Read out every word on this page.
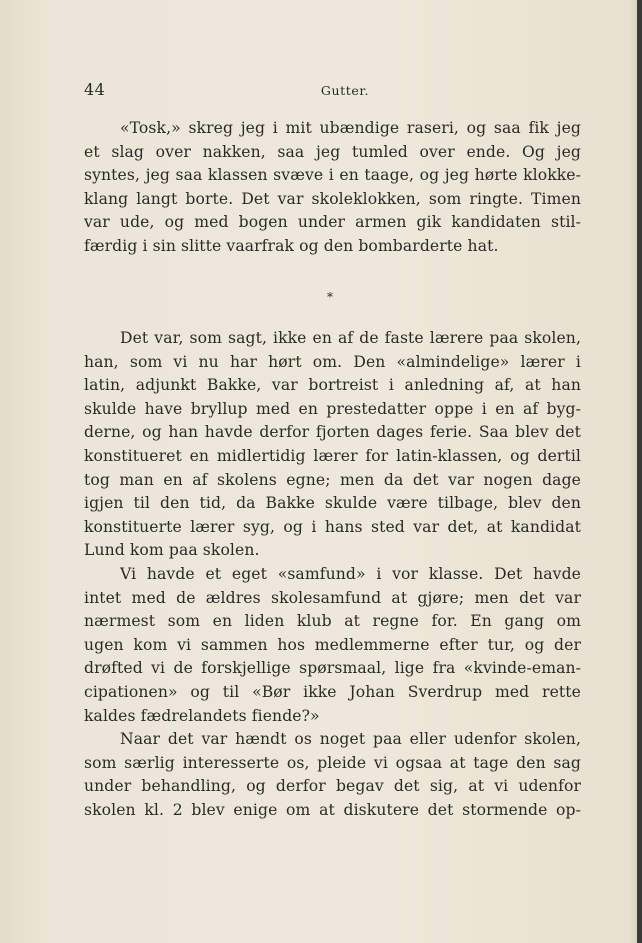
44	Gutter.

«Tosk,» skreg jeg i mit ubændige raseri, og saa fik jeg

et slag over nakken, saa jeg tumled over ende. Og jeg

syntes, jeg saa klassen svæve i en taage, og jeg hørte klokke-

klang langt borte. Det var skoleklokken, som ringte. Timen

var ude, og med bogen under armen gik kandidaten stil-

færdig i sin slitte vaarfrak og den bombarderte hat.

*

Det var, som sagt, ikke en af de faste lærere paa skolen,

han, som vi nu har hørt om. Den «almindelige» lærer i

latin, adjunkt Bakke, var bortreist i anledning af, at han

skulde have bryllup med en prestedatter oppe i en af byg-

derne, og han havde derfor fjorten dages ferie. Saa blev det

konstitueret en midlertidig lærer for latin-klassen, og dertil

tog man en af skolens egne; men da det var nogen dage

igjen til den tid, da Bakke skulde være tilbage, blev den

konstituerte lærer syg, og i hans sted var det, at kandidat

Lund kom paa skolen.

Vi havde et eget «samfund» i vor klasse. Det havde

intet med de ældres skolesamfund at gjøre; men det var

nærmest som en liden klub at regne for. En gang om

ugen kom vi sammen hos medlemmerne efter tur, og der

drøfted vi de forskjellige spørsmaal, lige fra «kvinde-eman-

cipationen» og til «Bør ikke Johan Sverdrup med rette

kaldes fædrelandets fiende?»

Naar det var hændt os noget paa eller udenfor skolen,

som særlig interesserte os, pleide vi ogsaa at tage den sag

under behandling, og derfor begav det sig, at vi udenfor

skolen kl. 2 blev enige om at diskutere det stormende op-
